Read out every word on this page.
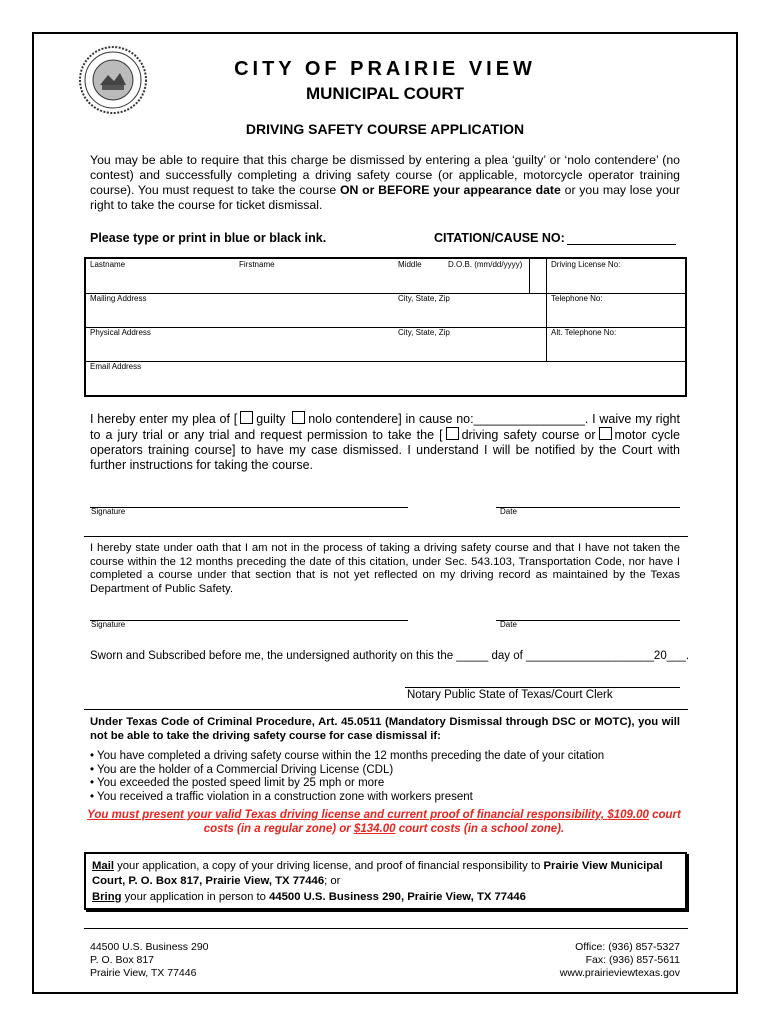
CITY OF PRAIRIE VIEW
MUNICIPAL COURT
DRIVING SAFETY COURSE APPLICATION
You may be able to require that this charge be dismissed by entering a plea ‘guilty’ or ‘nolo contendere’ (no contest) and successfully completing a driving safety course (or applicable, motorcycle operator training course). You must request to take the course ON or BEFORE your appearance date or you may lose your right to take the course for ticket dismissal.
Please type or print in blue or black ink.	CITATION/CAUSE NO:
Lastname	Firstname	Middle	D.O.B. (mm/dd/yyyy)	Driving License No:
Mailing Address	City, State, Zip	Telephone No:
Physical Address	City, State, Zip	Alt. Telephone No:
Email Address
I hereby enter my plea of [ guilty nolo contendere] in cause no:________________. I waive my right to a jury trial or any trial and request permission to take the [ driving safety course or motor cycle operators training course] to have my case dismissed. I understand I will be notified by the Court with further instructions for taking the course.
Signature	Date
I hereby state under oath that I am not in the process of taking a driving safety course and that I have not taken the course within the 12 months preceding the date of this citation, under Sec. 543.103, Transportation Code, nor have I completed a course under that section that is not yet reflected on my driving record as maintained by the Texas Department of Public Safety.
Signature	Date
Sworn and Subscribed before me, the undersigned authority on this the _____ day of ____________________20___.
Notary Public State of Texas/Court Clerk
Under Texas Code of Criminal Procedure, Art. 45.0511 (Mandatory Dismissal through DSC or MOTC), you will not be able to take the driving safety course for case dismissal if:
• You have completed a driving safety course within the 12 months preceding the date of your citation
• You are the holder of a Commercial Driving License (CDL)
• You exceeded the posted speed limit by 25 mph or more
• You received a traffic violation in a construction zone with workers present
You must present your valid Texas driving license and current proof of financial responsibility, $109.00 court costs (in a regular zone) or $134.00 court costs (in a school zone).
Mail your application, a copy of your driving license, and proof of financial responsibility to Prairie View Municipal Court, P. O. Box 817, Prairie View, TX 77446; or
Bring your application in person to 44500 U.S. Business 290, Prairie View, TX 77446
44500 U.S. Business 290
P. O. Box 817
Prairie View, TX 77446
Office: (936) 857-5327
Fax: (936) 857-5611
www.prairieviewtexas.gov
